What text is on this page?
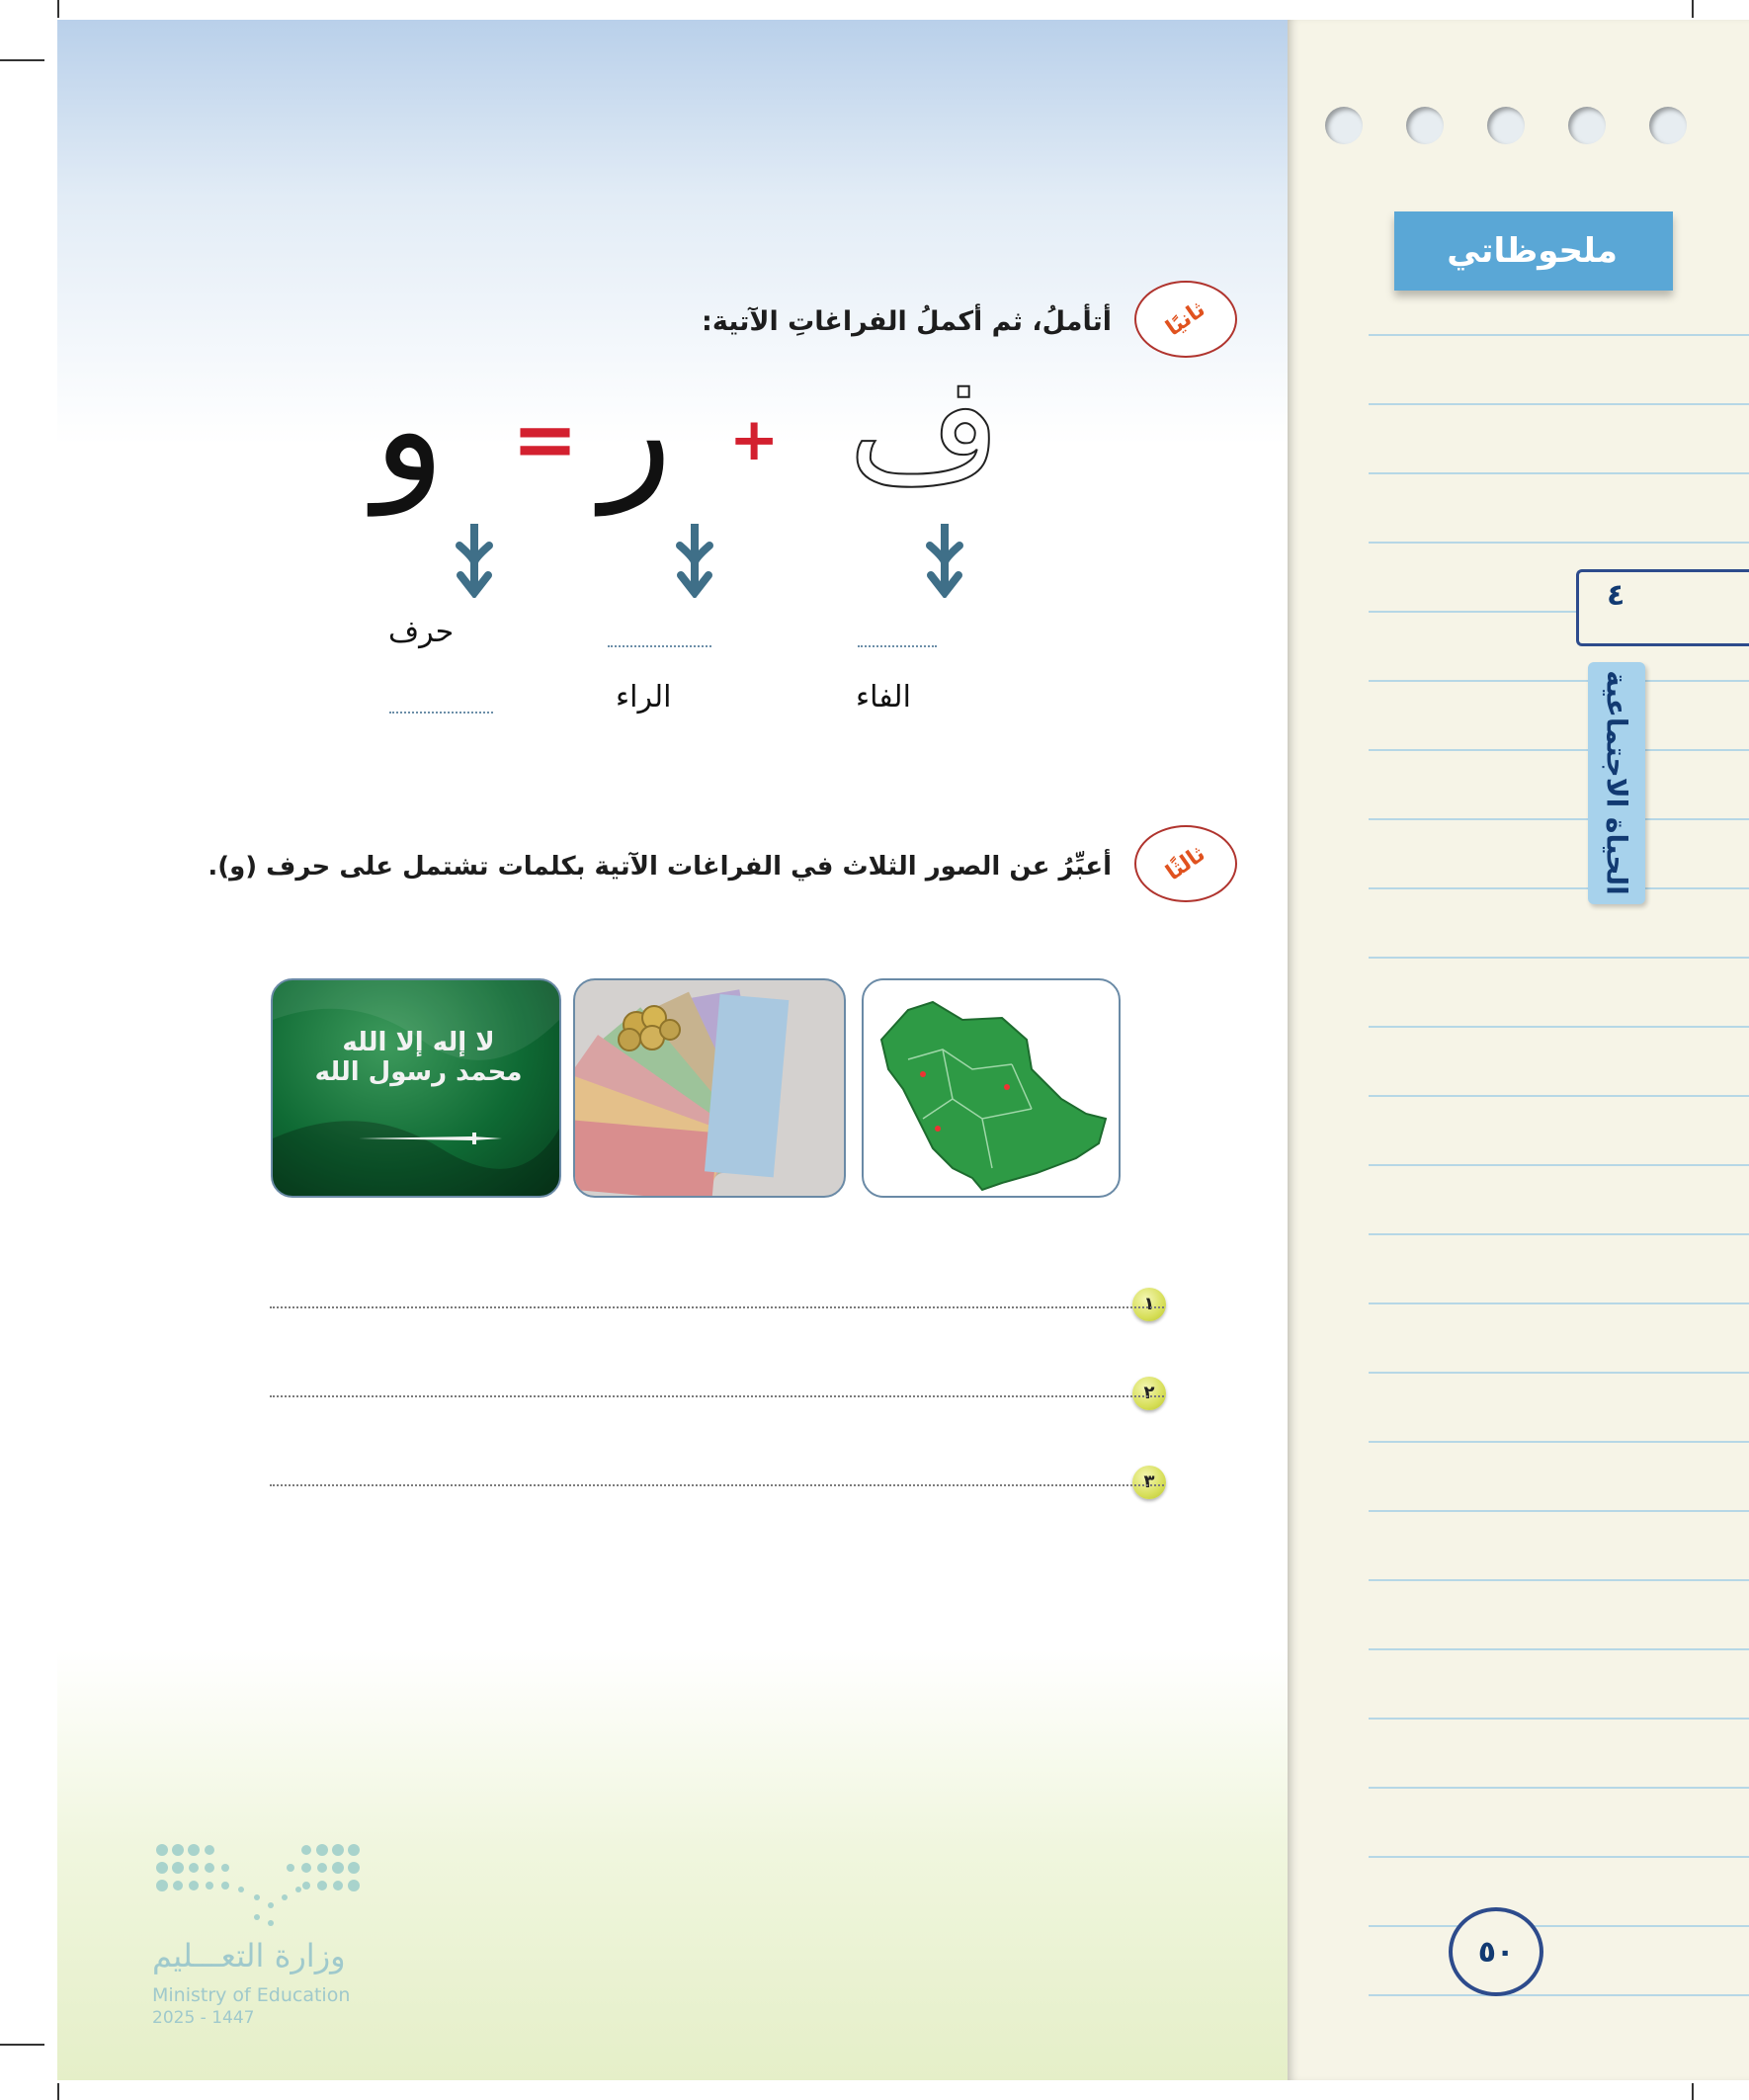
ثانيًا
أتأملُ، ثم أكملُ الفراغاتِ الآتية:
ف
+
ر
=
و
حرف
الراء	الفاء
ثالثًا
أعبِّرُ عن الصور الثلاث في الفراغات الآتية بكلمات تشتمل على حرف (و).
لا إله إلا الله محمد رسول الله
١
٢
٣
وزارة التعـــليم
Ministry of Education
2025 - 1447
ملحوظاتي
٤
الحياة الاجتماعية
٥٠
